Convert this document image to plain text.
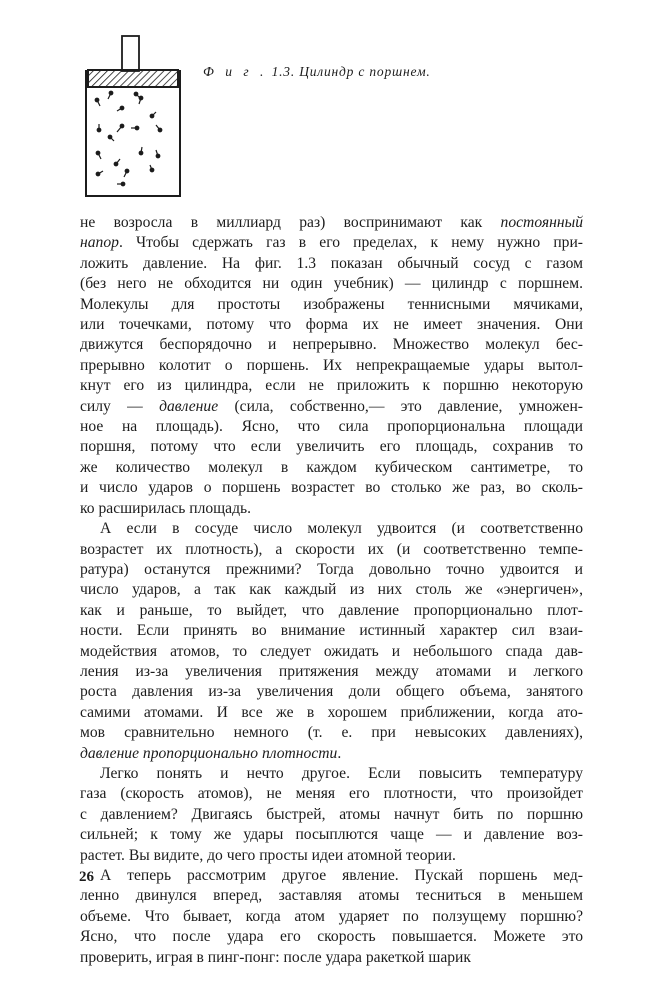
Ф и г . 1.3. Цилиндр с поршнем.

не возросла в миллиард раз) воспринимают как постоянный
напор. Чтобы сдержать газ в его пределах, к нему нужно при-
ложить давление. На фиг. 1.3 показан обычный сосуд с газом
(без него не обходится ни один учебник) — цилиндр с поршнем.
Молекулы для простоты изображены теннисными мячиками,
или точечками, потому что форма их не имеет значения. Они
движутся беспорядочно и непрерывно. Множество молекул бес-
прерывно колотит о поршень. Их непрекращаемые удары вытол-
кнут его из цилиндра, если не приложить к поршню некоторую
силу — давление (сила, собственно,— это давление, умножен-
ное на площадь). Ясно, что сила пропорциональна площади
поршня, потому что если увеличить его площадь, сохранив то
же количество молекул в каждом кубическом сантиметре, то
и число ударов о поршень возрастет во столько же раз, во сколь-
ко расширилась площадь.

А если в сосуде число молекул удвоится (и соответственно
возрастет их плотность), а скорости их (и соответственно темпе-
ратура) останутся прежними? Тогда довольно точно удвоится и
число ударов, а так как каждый из них столь же «энергичен»,
как и раньше, то выйдет, что давление пропорционально плот-
ности. Если принять во внимание истинный характер сил взаи-
модействия атомов, то следует ожидать и небольшого спада дав-
ления из-за увеличения притяжения между атомами и легкого
роста давления из-за увеличения доли общего объема, занятого
самими атомами. И все же в хорошем приближении, когда ато-
мов сравнительно немного (т. е. при невысоких давлениях),
давление пропорционально плотности.

Легко понять и нечто другое. Если повысить температуру
газа (скорость атомов), не меняя его плотности, что произойдет
с давлением? Двигаясь быстрей, атомы начнут бить по поршню
сильней; к тому же удары посыплются чаще — и давление воз-
растет. Вы видите, до чего просты идеи атомной теории.

А теперь рассмотрим другое явление. Пускай поршень мед-
ленно двинулся вперед, заставляя атомы тесниться в меньшем
объеме. Что бывает, когда атом ударяет по ползущему поршню?
Ясно, что после удара его скорость повышается. Можете это
проверить, играя в пинг-понг: после удара ракеткой шарик

26
